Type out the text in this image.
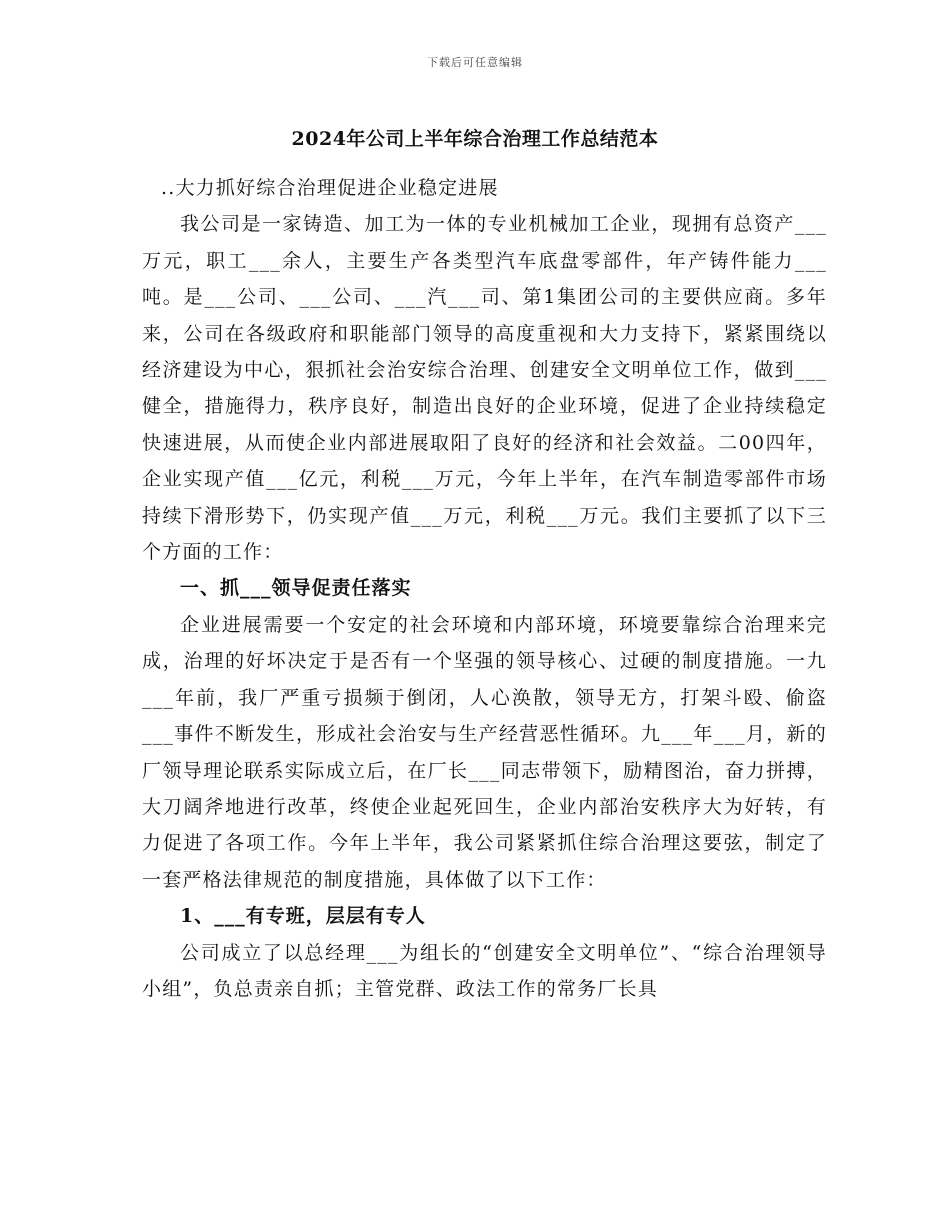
下载后可任意编辑
2024年公司上半年综合治理工作总结范本

..大力抓好综合治理促进企业稳定进展

我公司是一家铸造、加工为一体的专业机械加工企业，现拥有总资产___万元，职工___余人，主要生产各类型汽车底盘零部件，年产铸件能力___吨。是___公司、___公司、___汽___司、第1集团公司的主要供应商。多年来，公司在各级政府和职能部门领导的高度重视和大力支持下，紧紧围绕以经济建设为中心，狠抓社会治安综合治理、创建安全文明单位工作，做到___健全，措施得力，秩序良好，制造出良好的企业环境，促进了企业持续稳定快速进展，从而使企业内部进展取阳了良好的经济和社会效益。二00四年，企业实现产值___亿元，利税___万元，今年上半年，在汽车制造零部件市场持续下滑形势下，仍实现产值___万元，利税___万元。我们主要抓了以下三个方面的工作：

一、抓___领导促责任落实

企业进展需要一个安定的社会环境和内部环境，环境要靠综合治理来完成，治理的好坏决定于是否有一个坚强的领导核心、过硬的制度措施。一九___年前，我厂严重亏损频于倒闭，人心涣散，领导无方，打架斗殴、偷盗___事件不断发生，形成社会治安与生产经营恶性循环。九___年___月，新的厂领导理论联系实际成立后，在厂长___同志带领下，励精图治，奋力拼搏，大刀阔斧地进行改革，终使企业起死回生，企业内部治安秩序大为好转，有力促进了各项工作。今年上半年，我公司紧紧抓住综合治理这要弦，制定了一套严格法律规范的制度措施，具体做了以下工作：

1、___有专班，层层有专人

公司成立了以总经理___为组长的“创建安全文明单位”、“综合治理领导小组”，负总责亲自抓；主管党群、政法工作的常务厂长具
